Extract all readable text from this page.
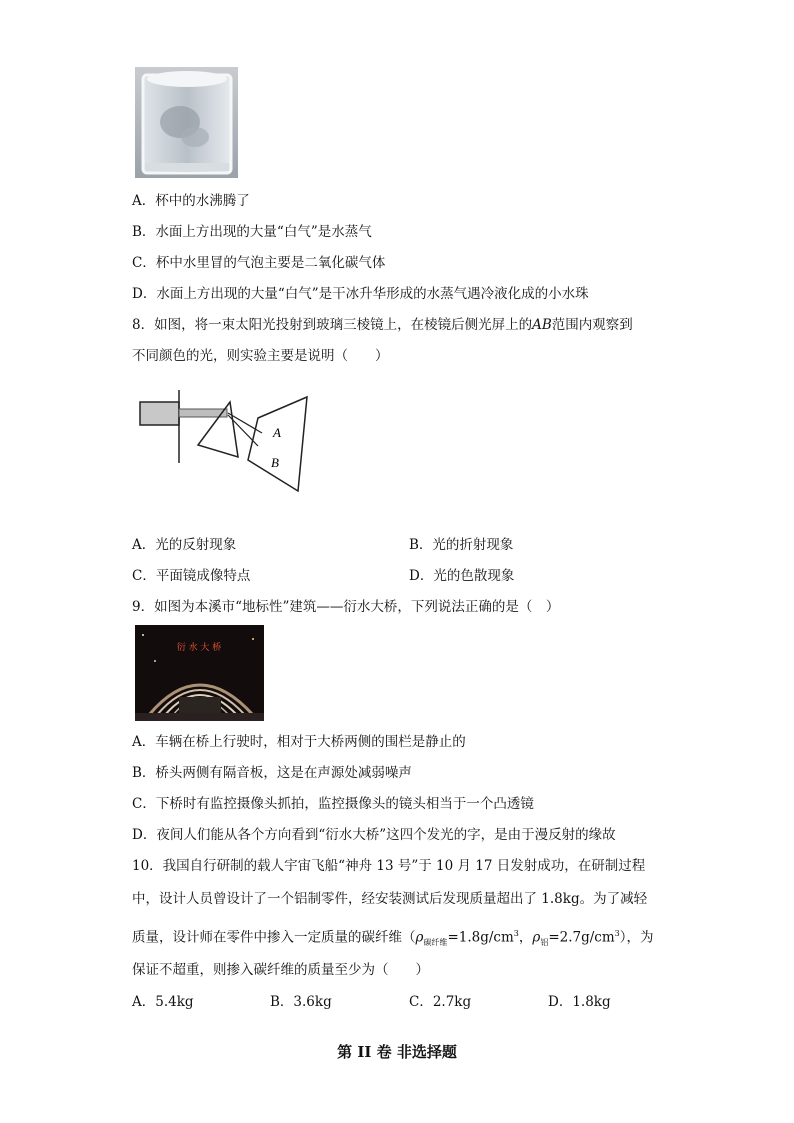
A．杯中的水沸腾了
B．水面上方出现的大量“白气”是水蒸气
C．杯中水里冒的气泡主要是二氧化碳气体
D．水面上方出现的大量“白气”是干冰升华形成的水蒸气遇冷液化成的小水珠
8．如图，将一束太阳光投射到玻璃三棱镜上，在棱镜后侧光屏上的AB范围内观察到
不同颜色的光，则实验主要是说明（　　）
A
B
A．光的反射现象	B．光的折射现象
C．平面镜成像特点	D．光的色散现象
9．如图为本溪市“地标性”建筑——衍水大桥，下列说法正确的是（　）
衍 水 大 桥
A．车辆在桥上行驶时，相对于大桥两侧的围栏是静止的
B．桥头两侧有隔音板，这是在声源处减弱噪声
C．下桥时有监控摄像头抓拍，监控摄像头的镜头相当于一个凸透镜
D．夜间人们能从各个方向看到“衍水大桥”这四个发光的字，是由于漫反射的缘故
10．我国自行研制的载人宇宙飞船“神舟 13 号”于 10 月 17 日发射成功，在研制过程
中，设计人员曾设计了一个铝制零件，经安装测试后发现质量超出了 1.8kg。为了减轻
质量，设计师在零件中掺入一定质量的碳纤维（$\rho_{碳纤维}=1.8g/cm^3$，$\rho_铝=2.7g/cm^3$），为
保证不超重，则掺入碳纤维的质量至少为（　　）
A．5.4kg	B．3.6kg	C．2.7kg	D．1.8kg
第 II 卷 非选择题
